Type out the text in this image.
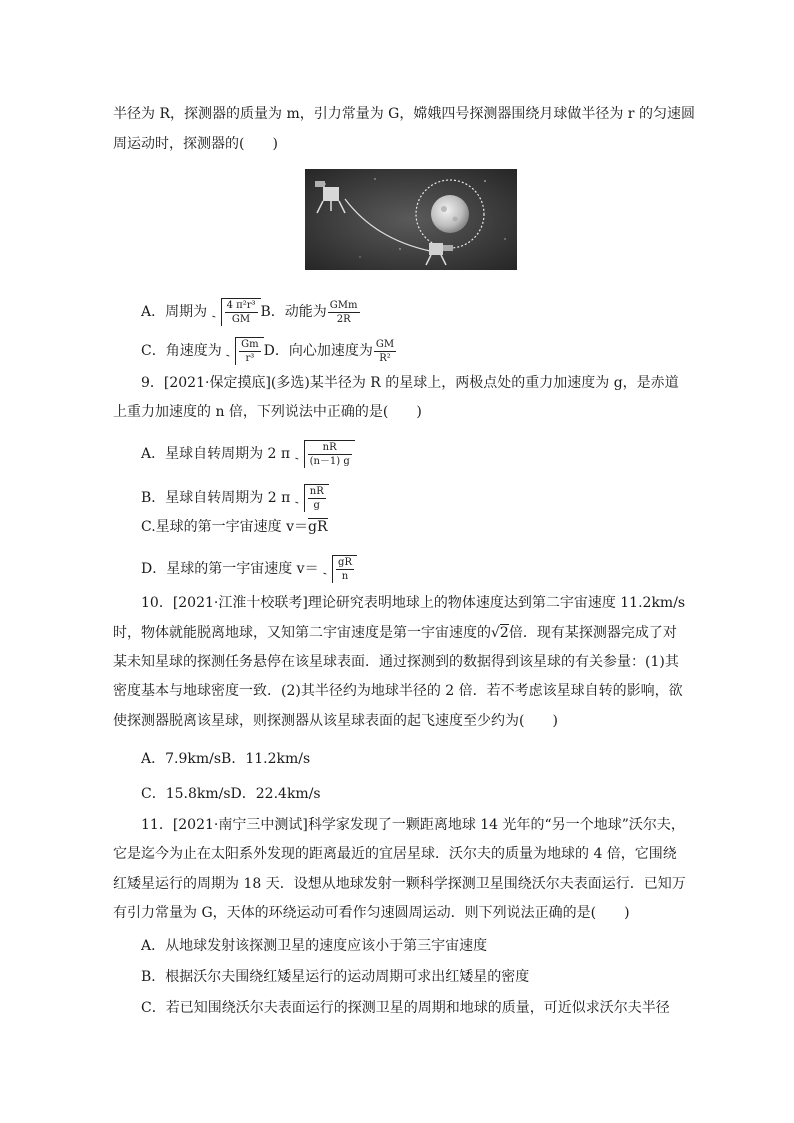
半径为 R，探测器的质量为 m，引力常量为 G，嫦娥四号探测器围绕月球做半径为 r 的匀速圆
周运动时，探测器的(　　)
A．周期为 $\frac{\text{4 π²r³}}{GM}$ B．动能为 $\frac{\text{GMm}}{2R}$
C．角速度为 $\frac{Gm}{\text{r³}}$ D．向心加速度为 $\frac{GM}{\text{R²}}$
9．[2021·保定摸底](多选)某半径为 R 的星球上，两极点处的重力加速度为 g，是赤道
上重力加速度的 n 倍，下列说法中正确的是(　　)
A．星球自转周期为 2 π $\frac{nR}{(n-1) g}$
B．星球自转周期为 2 π $\frac{nR}{g}$
C.星球的第一宇宙速度 v＝gR
D．星球的第一宇宙速度 $v= \frac{gR}{n}$
10．[2021·江淮十校联考]理论研究表明地球上的物体速度达到第二宇宙速度 11.2km/s
时，物体就能脱离地球，又知第二宇宙速度是第一宇宙速度的√2倍．现有某探测器完成了对
某未知星球的探测任务悬停在该星球表面．通过探测到的数据得到该星球的有关参量：(1)其
密度基本与地球密度一致．(2)其半径约为地球半径的 2 倍．若不考虑该星球自转的影响，欲
使探测器脱离该星球，则探测器从该星球表面的起飞速度至少约为(　　)
A．7.9km/sB．11.2km/s
C．15.8km/sD．22.4km/s
11．[2021·南宁三中测试]科学家发现了一颗距离地球 14 光年的“另一个地球”沃尔夫，
它是迄今为止在太阳系外发现的距离最近的宜居星球．沃尔夫的质量为地球的 4 倍，它围绕
红矮星运行的周期为 18 天．设想从地球发射一颗科学探测卫星围绕沃尔夫表面运行．已知万
有引力常量为 G，天体的环绕运动可看作匀速圆周运动．则下列说法正确的是(　　)
A．从地球发射该探测卫星的速度应该小于第三宇宙速度
B．根据沃尔夫围绕红矮星运行的运动周期可求出红矮星的密度
C．若已知围绕沃尔夫表面运行的探测卫星的周期和地球的质量，可近似求沃尔夫半径
